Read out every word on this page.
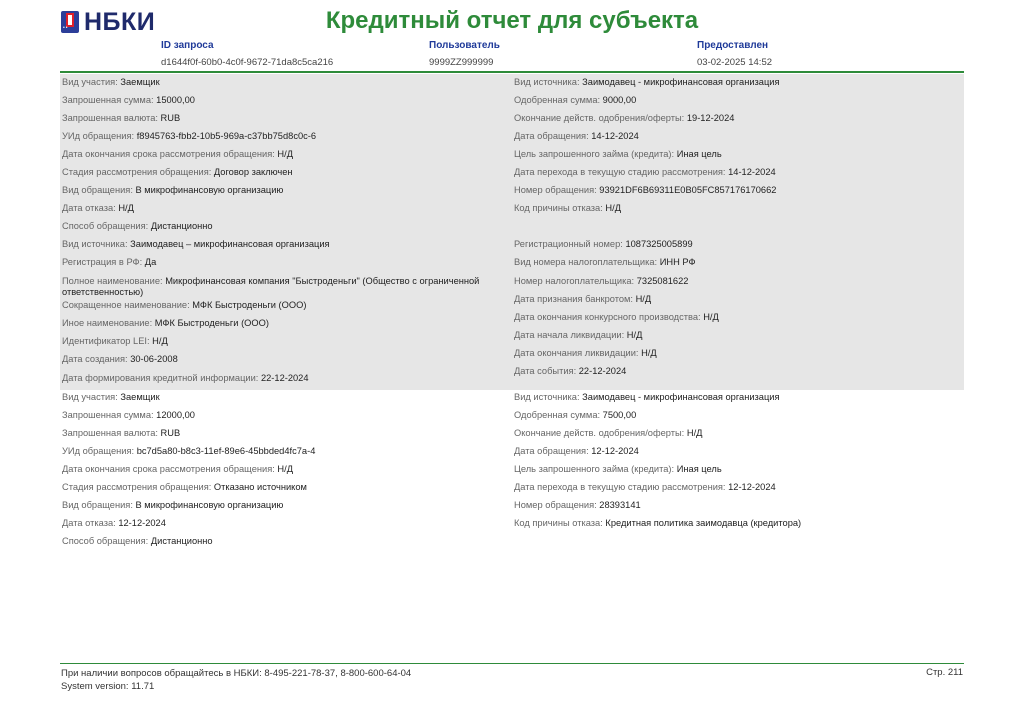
•• НБКИ	Кредитный отчет для субъекта
ID запроса
d1644f0f-60b0-4c0f-9672-71da8c5ca216
Пользователь
9999ZZ999999
Предоставлен
03-02-2025 14:52
Вид участия: Заемщик
Запрошенная сумма: 15000,00
Запрошенная валюта: RUB
УИд обращения: f8945763-fbb2-10b5-969a-c37bb75d8c0c-6
Дата окончания срока рассмотрения обращения: Н/Д
Стадия рассмотрения обращения: Договор заключен
Вид обращения: В микрофинансовую организацию
Дата отказа: Н/Д
Способ обращения: Дистанционно
Вид источника: Заимодавец – микрофинансовая организация
Регистрация в РФ: Да
Полное наименование: Микрофинансовая компания "Быстроденьги" (Общество с ограниченной ответственностью)
Сокращенное наименование: МФК Быстроденьги (ООО)
Иное наименование: МФК Быстроденьги (ООО)
Идентификатор LEI: Н/Д
Дата создания: 30-06-2008
Дата формирования кредитной информации: 22-12-2024
Вид источника: Заимодавец - микрофинансовая организация
Одобренная сумма: 9000,00
Окончание действ. одобрения/оферты: 19-12-2024
Дата обращения: 14-12-2024
Цель запрошенного займа (кредита): Иная цель
Дата перехода в текущую стадию рассмотрения: 14-12-2024
Номер обращения: 93921DF6B69311E0B05FC857176170662
Код причины отказа: Н/Д
Регистрационный номер: 1087325005899
Вид номера налогоплательщика: ИНН РФ
Номер налогоплательщика: 7325081622
Дата признания банкротом: Н/Д
Дата окончания конкурсного производства: Н/Д
Дата начала ликвидации: Н/Д
Дата окончания ликвидации: Н/Д
Дата события: 22-12-2024
Вид участия: Заемщик
Запрошенная сумма: 12000,00
Запрошенная валюта: RUB
УИд обращения: bc7d5a80-b8c3-11ef-89e6-45bbded4fc7a-4
Дата окончания срока рассмотрения обращения: Н/Д
Стадия рассмотрения обращения: Отказано источником
Вид обращения: В микрофинансовую организацию
Дата отказа: 12-12-2024
Способ обращения: Дистанционно
Вид источника: Заимодавец - микрофинансовая организация
Одобренная сумма: 7500,00
Окончание действ. одобрения/оферты: Н/Д
Дата обращения: 12-12-2024
Цель запрошенного займа (кредита): Иная цель
Дата перехода в текущую стадию рассмотрения: 12-12-2024
Номер обращения: 28393141
Код причины отказа: Кредитная политика заимодавца (кредитора)
При наличии вопросов обращайтесь в НБКИ: 8-495-221-78-37, 8-800-600-64-04
System version: 11.71
Стр. 211
